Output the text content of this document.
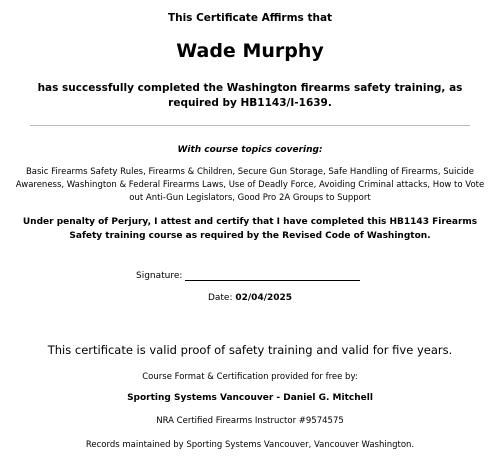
This Certificate Affirms that
Wade Murphy
has successfully completed the Washington firearms safety training, as required by HB1143/I-1639.
With course topics covering:
Basic Firearms Safety Rules, Firearms & Children, Secure Gun Storage, Safe Handling of Firearms, Suicide Awareness, Washington & Federal Firearms Laws, Use of Deadly Force, Avoiding Criminal attacks, How to Vote out Anti-Gun Legislators, Good Pro 2A Groups to Support
Under penalty of Perjury, I attest and certify that I have completed this HB1143 Firearms Safety training course as required by the Revised Code of Washington.
Signature:
Date: 02/04/2025
This certificate is valid proof of safety training and valid for five years.
Course Format & Certification provided for free by:
Sporting Systems Vancouver - Daniel G. Mitchell
NRA Certified Firearms Instructor #9574575
Records maintained by Sporting Systems Vancouver, Vancouver Washington.
